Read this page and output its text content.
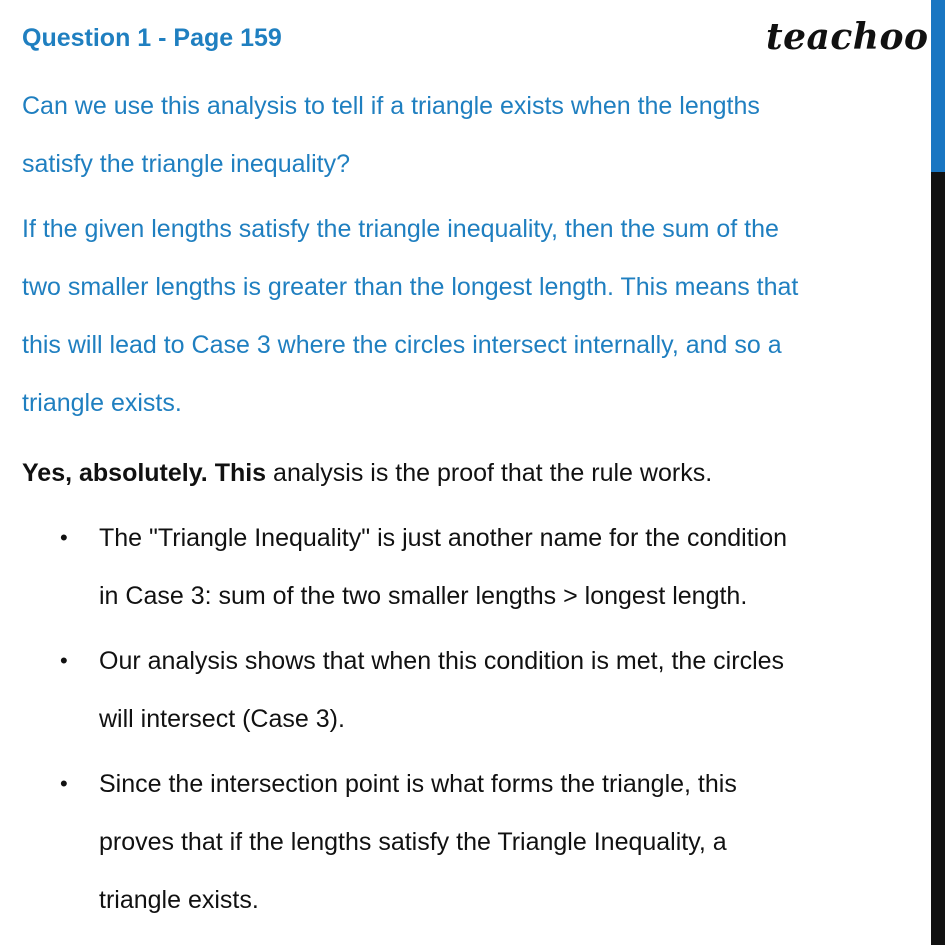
Question 1 - Page 159	teachoo
Can we use this analysis to tell if a triangle exists when the lengths
satisfy the triangle inequality?
If the given lengths satisfy the triangle inequality, then the sum of the
two smaller lengths is greater than the longest length. This means that
this will lead to Case 3 where the circles intersect internally, and so a
triangle exists.
Yes, absolutely. This analysis is the proof that the rule works.
• The "Triangle Inequality" is just another name for the condition
in Case 3: sum of the two smaller lengths > longest length.
• Our analysis shows that when this condition is met, the circles
will intersect (Case 3).
• Since the intersection point is what forms the triangle, this
proves that if the lengths satisfy the Triangle Inequality, a
triangle exists.
